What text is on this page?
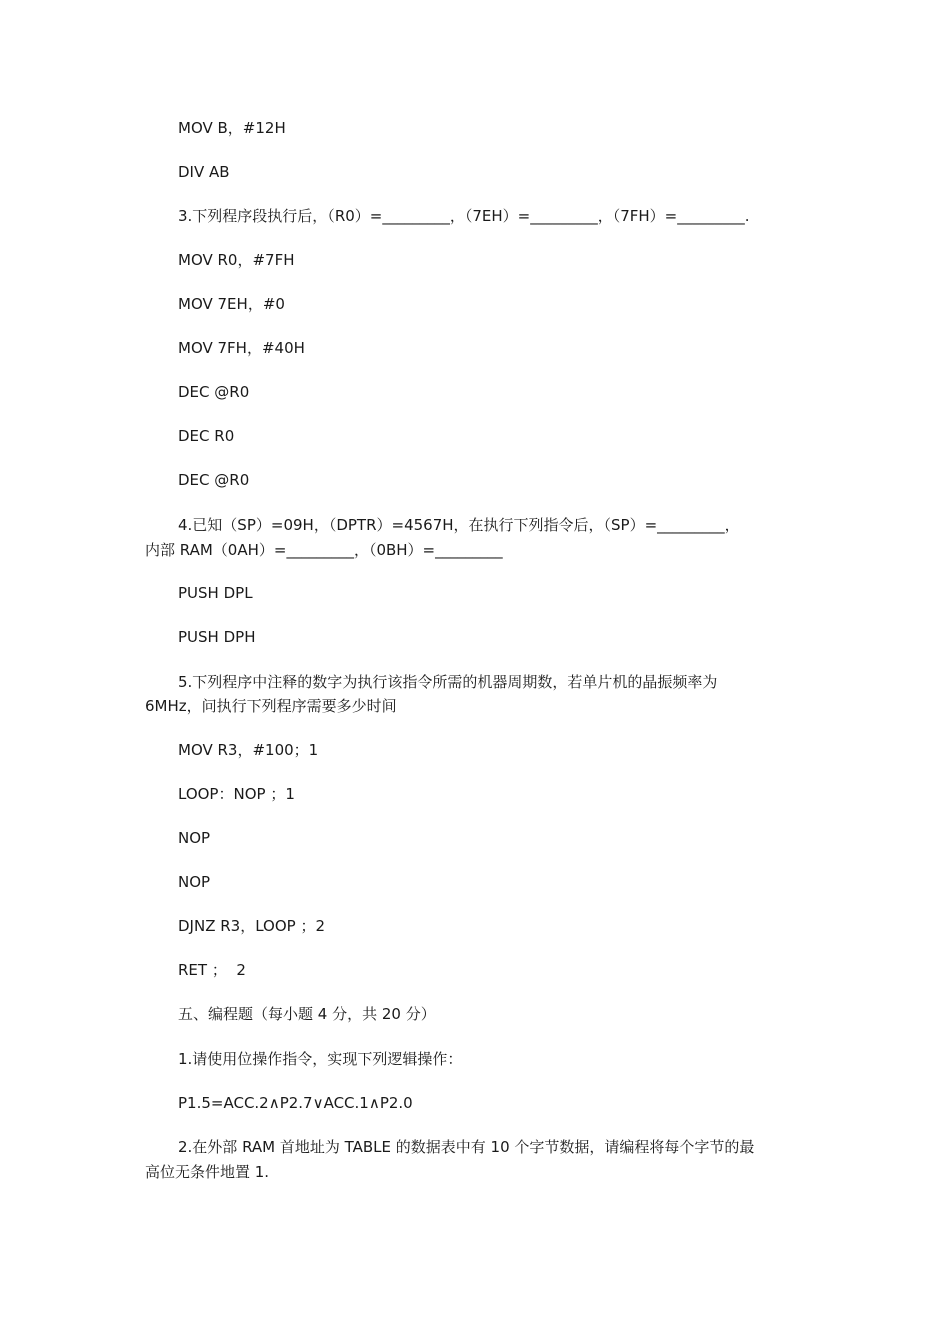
MOV B，#12H
DIV AB
3.下列程序段执行后，（R0）=_________，（7EH）=_________，（7FH）=_________.
MOV R0，#7FH
MOV 7EH，#0
MOV 7FH，#40H
DEC @R0
DEC R0
DEC @R0
4.已知（SP）=09H，（DPTR）=4567H，在执行下列指令后，（SP）=_________，
内部 RAM（0AH）=_________，（0BH）=_________
PUSH DPL
PUSH DPH
5.下列程序中注释的数字为执行该指令所需的机器周期数，若单片机的晶振频率为
6MHz，问执行下列程序需要多少时间
MOV R3，#100；1
LOOP：NOP ；1
NOP
NOP
DJNZ R3，LOOP ；2
RET ；  2
五、编程题（每小题 4 分，共 20 分）
1.请使用位操作指令，实现下列逻辑操作：
P1.5=ACC.2∧P2.7∨ACC.1∧P2.0
2.在外部 RAM 首地址为 TABLE 的数据表中有 10 个字节数据，请编程将每个字节的最
高位无条件地置 1.
